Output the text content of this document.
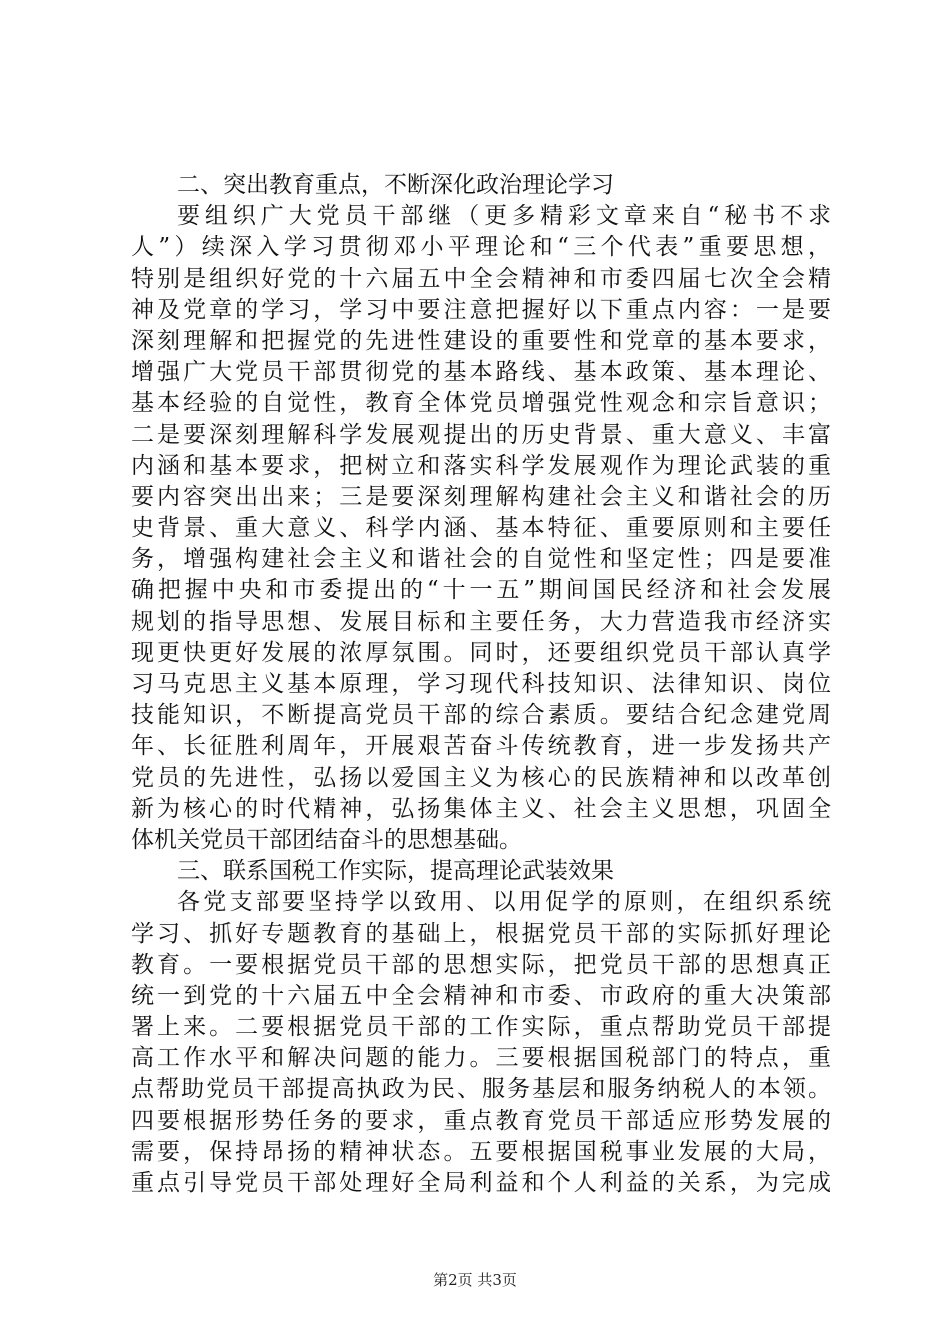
二、突出教育重点，不断深化政治理论学习
要组织广大党员干部继（更多精彩文章来自“秘书不求
人”）续深入学习贯彻邓小平理论和“三个代表”重要思想，
特别是组织好党的十六届五中全会精神和市委四届七次全会精
神及党章的学习，学习中要注意把握好以下重点内容：一是要
深刻理解和把握党的先进性建设的重要性和党章的基本要求，
增强广大党员干部贯彻党的基本路线、基本政策、基本理论、
基本经验的自觉性，教育全体党员增强党性观念和宗旨意识；
二是要深刻理解科学发展观提出的历史背景、重大意义、丰富
内涵和基本要求，把树立和落实科学发展观作为理论武装的重
要内容突出出来；三是要深刻理解构建社会主义和谐社会的历
史背景、重大意义、科学内涵、基本特征、重要原则和主要任
务，增强构建社会主义和谐社会的自觉性和坚定性；四是要准
确把握中央和市委提出的“十一五”期间国民经济和社会发展
规划的指导思想、发展目标和主要任务，大力营造我市经济实
现更快更好发展的浓厚氛围。同时，还要组织党员干部认真学
习马克思主义基本原理，学习现代科技知识、法律知识、岗位
技能知识，不断提高党员干部的综合素质。要结合纪念建党周
年、长征胜利周年，开展艰苦奋斗传统教育，进一步发扬共产
党员的先进性，弘扬以爱国主义为核心的民族精神和以改革创
新为核心的时代精神，弘扬集体主义、社会主义思想，巩固全
体机关党员干部团结奋斗的思想基础。
三、联系国税工作实际，提高理论武装效果
各党支部要坚持学以致用、以用促学的原则，在组织系统
学习、抓好专题教育的基础上，根据党员干部的实际抓好理论
教育。一要根据党员干部的思想实际，把党员干部的思想真正
统一到党的十六届五中全会精神和市委、市政府的重大决策部
署上来。二要根据党员干部的工作实际，重点帮助党员干部提
高工作水平和解决问题的能力。三要根据国税部门的特点，重
点帮助党员干部提高执政为民、服务基层和服务纳税人的本领。
四要根据形势任务的要求，重点教育党员干部适应形势发展的
需要，保持昂扬的精神状态。五要根据国税事业发展的大局，
重点引导党员干部处理好全局利益和个人利益的关系，为完成
第2页 共3页
